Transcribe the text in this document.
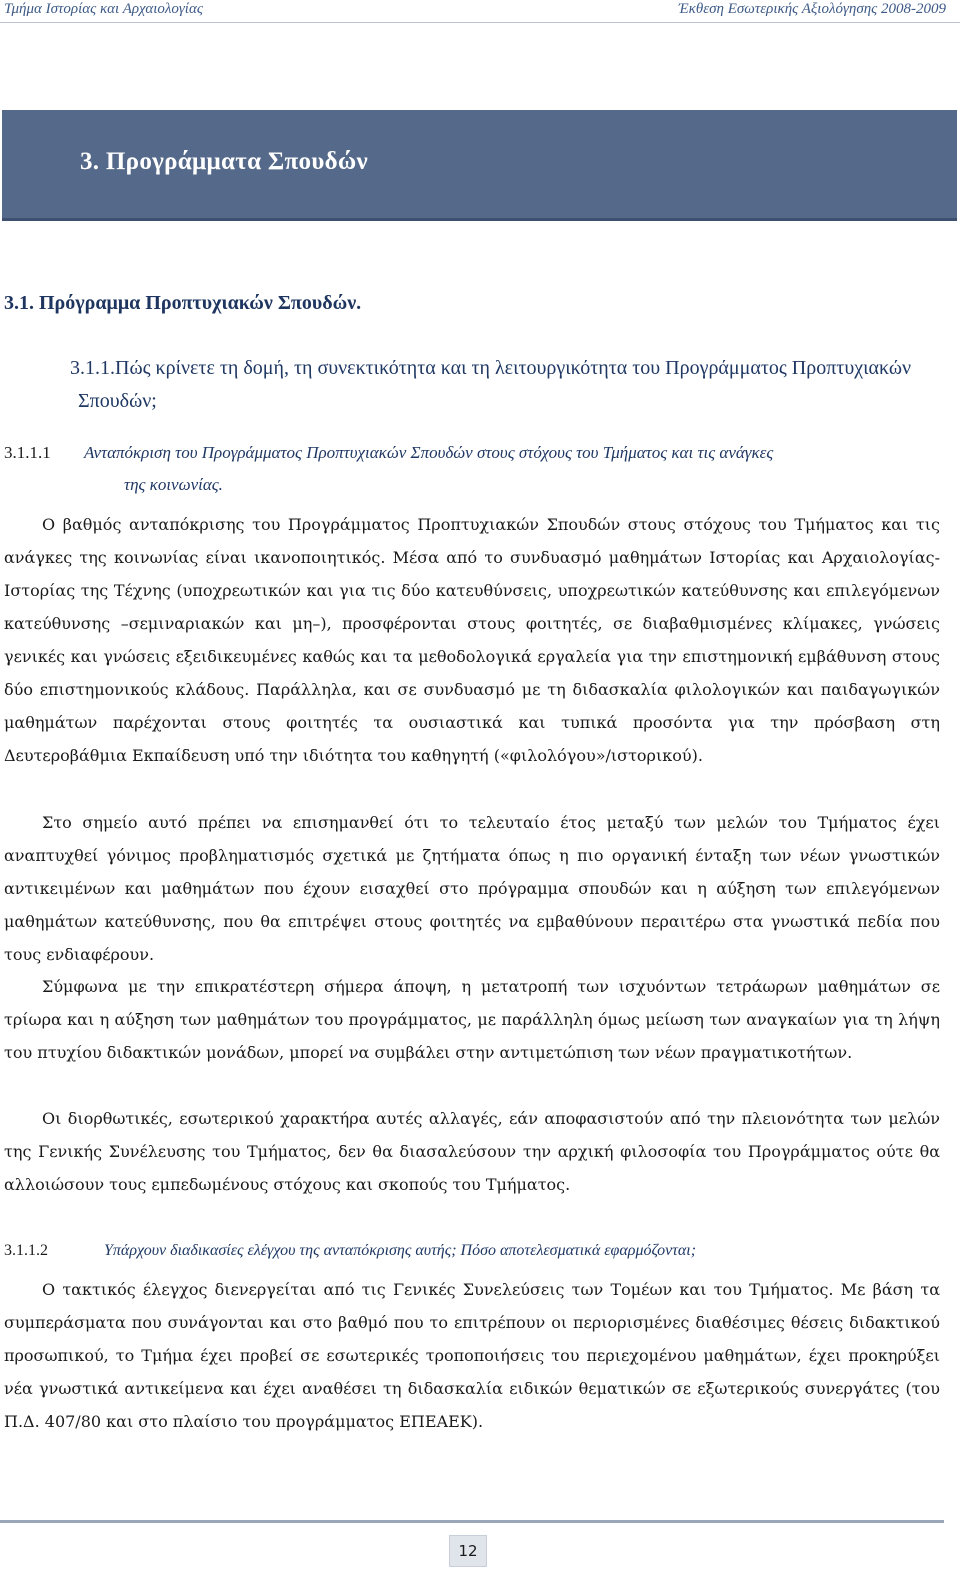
Τμήμα Ιστορίας και Αρχαιολογίας	Έκθεση Εσωτερικής Αξιολόγησης 2008-2009
3. Προγράμματα Σπουδών
3.1. Πρόγραμμα Προπτυχιακών Σπουδών.
3.1.1.Πώς κρίνετε τη δομή, τη συνεκτικότητα και τη λειτουργικότητα του Προγράμματος Προπτυχιακών Σπουδών;
3.1.1.1 Ανταπόκριση του Προγράμματος Προπτυχιακών Σπουδών στους στόχους του Τμήματος και τις ανάγκες
της κοινωνίας.

Ο βαθμός ανταπόκρισης του Προγράμματος Προπτυχιακών Σπουδών στους στόχους του Τμήματος και τις ανάγκες της κοινωνίας είναι ικανοποιητικός. Μέσα από το συνδυασμό μαθημάτων Ιστορίας και Αρχαιολογίας-Ιστορίας της Τέχνης (υποχρεωτικών και για τις δύο κατευθύνσεις, υποχρεωτικών κατεύθυνσης και επιλεγόμενων κατεύθυνσης –σεμιναριακών και μη–), προσφέρονται στους φοιτητές, σε διαβαθμισμένες κλίμακες, γνώσεις γενικές και γνώσεις εξειδικευμένες καθώς και τα μεθοδολογικά εργαλεία για την επιστημονική εμβάθυνση στους δύο επιστημονικούς κλάδους. Παράλληλα, και σε συνδυασμό με τη διδασκαλία φιλολογικών και παιδαγωγικών μαθημάτων παρέχονται στους φοιτητές τα ουσιαστικά και τυπικά προσόντα για την πρόσβαση στη Δευτεροβάθμια Εκπαίδευση υπό την ιδιότητα του καθηγητή («φιλολόγου»/ιστορικού).

Στο σημείο αυτό πρέπει να επισημανθεί ότι το τελευταίο έτος μεταξύ των μελών του Τμήματος έχει αναπτυχθεί γόνιμος προβληματισμός σχετικά με ζητήματα όπως η πιο οργανική ένταξη των νέων γνωστικών αντικειμένων και μαθημάτων που έχουν εισαχθεί στο πρόγραμμα σπουδών και η αύξηση των επιλεγόμενων μαθημάτων κατεύθυνσης, που θα επιτρέψει στους φοιτητές να εμβαθύνουν περαιτέρω στα γνωστικά πεδία που τους ενδιαφέρουν.

Σύμφωνα με την επικρατέστερη σήμερα άποψη, η μετατροπή των ισχυόντων τετράωρων μαθημάτων σε τρίωρα και η αύξηση των μαθημάτων του προγράμματος, με παράλληλη όμως μείωση των αναγκαίων για τη λήψη του πτυχίου διδακτικών μονάδων, μπορεί να συμβάλει στην αντιμετώπιση των νέων πραγματικοτήτων.

Οι διορθωτικές, εσωτερικού χαρακτήρα αυτές αλλαγές, εάν αποφασιστούν από την πλειονότητα των μελών της Γενικής Συνέλευσης του Τμήματος, δεν θα διασαλεύσουν την αρχική φιλοσοφία του Προγράμματος ούτε θα αλλοιώσουν τους εμπεδωμένους στόχους και σκοπούς του Τμήματος.

3.1.1.2	Υπάρχουν διαδικασίες ελέγχου της ανταπόκρισης αυτής; Πόσο αποτελεσματικά εφαρμόζονται;

Ο τακτικός έλεγχος διενεργείται από τις Γενικές Συνελεύσεις των Τομέων και του Τμήματος. Με βάση τα συμπεράσματα που συνάγονται και στο βαθμό που το επιτρέπουν οι περιορισμένες διαθέσιμες θέσεις διδακτικού προσωπικού, το Τμήμα έχει προβεί σε εσωτερικές τροποποιήσεις του περιεχομένου μαθημάτων, έχει προκηρύξει νέα γνωστικά αντικείμενα και έχει αναθέσει τη διδασκαλία ειδικών θεματικών σε εξωτερικούς συνεργάτες (του Π.Δ. 407/80 και στο πλαίσιο του προγράμματος ΕΠΕΑΕΚ).

12
